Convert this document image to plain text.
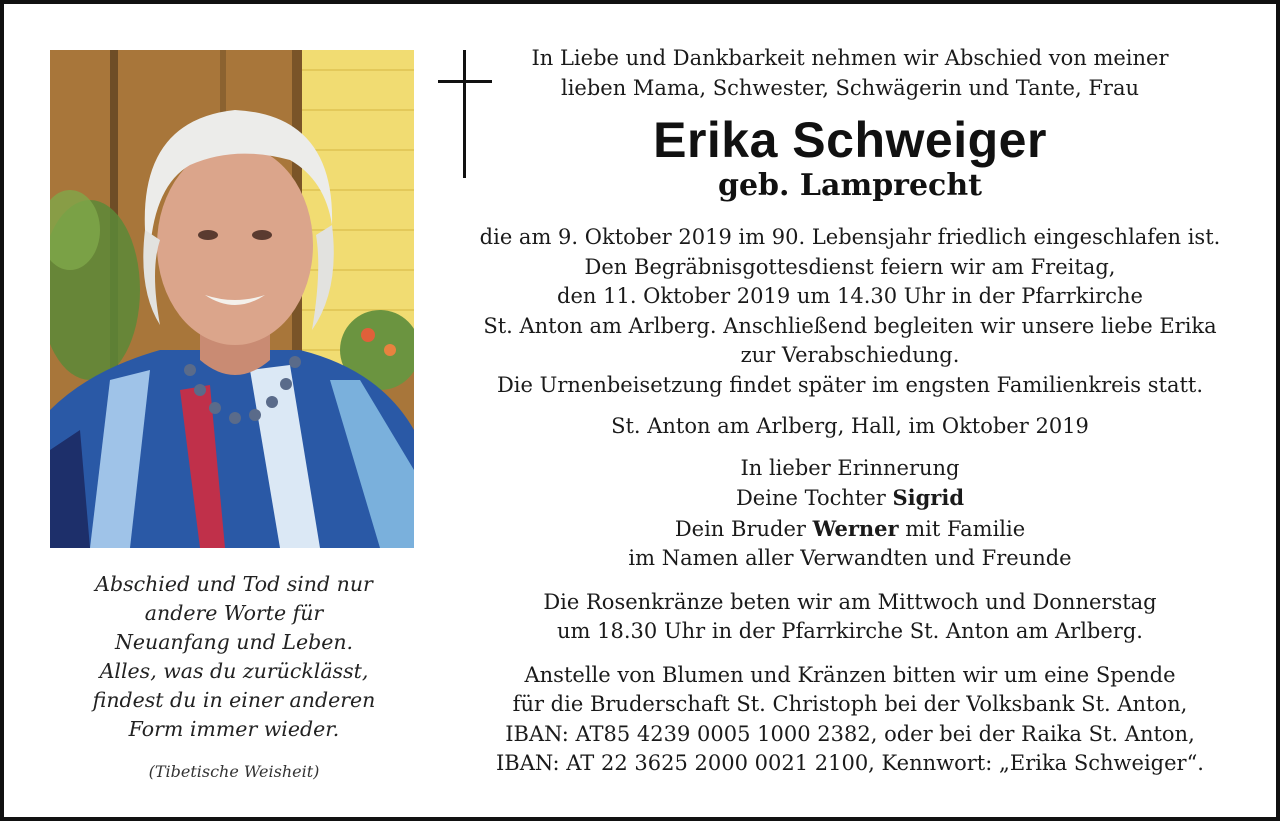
Abschied und Tod sind nur
andere Worte für
Neuanfang und Leben.
Alles, was du zurücklässt,
findest du in einer anderen
Form immer wieder.
(Tibetische Weisheit)
In Liebe und Dankbarkeit nehmen wir Abschied von meiner
lieben Mama, Schwester, Schwägerin und Tante, Frau
Erika Schweiger
geb. Lamprecht
die am 9. Oktober 2019 im 90. Lebensjahr friedlich eingeschlafen ist.
Den Begräbnisgottesdienst feiern wir am Freitag,
den 11. Oktober 2019 um 14.30 Uhr in der Pfarrkirche
St. Anton am Arlberg. Anschließend begleiten wir unsere liebe Erika
zur Verabschiedung.
Die Urnenbeisetzung findet später im engsten Familienkreis statt.
St. Anton am Arlberg, Hall, im Oktober 2019
In lieber Erinnerung
Deine Tochter Sigrid
Dein Bruder Werner mit Familie
im Namen aller Verwandten und Freunde
Die Rosenkränze beten wir am Mittwoch und Donnerstag
um 18.30 Uhr in der Pfarrkirche St. Anton am Arlberg.
Anstelle von Blumen und Kränzen bitten wir um eine Spende
für die Bruderschaft St. Christoph bei der Volksbank St. Anton,
IBAN: AT85 4239 0005 1000 2382, oder bei der Raika St. Anton,
IBAN: AT 22 3625 2000 0021 2100, Kennwort: „Erika Schweiger“.
